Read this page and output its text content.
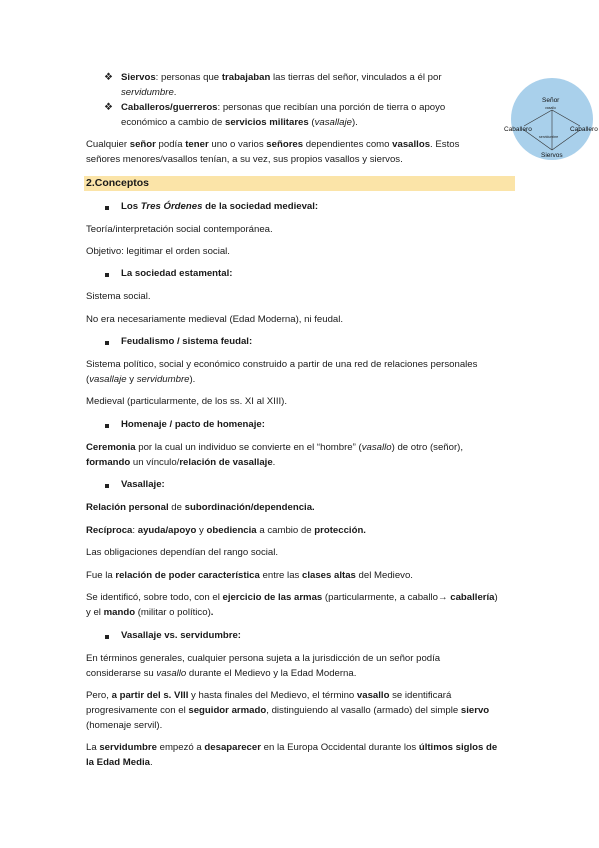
❖ Siervos: personas que trabajaban las tierras del señor, vinculados a él por
servidumbre.
❖ Caballeros/guerreros: personas que recibían una porción de tierra o apoyo
económico a cambio de servicios militares (vasallaje).
Cualquier señor podía tener uno o varios señores dependientes como vasallos. Estos
señores menores/vasallos tenían, a su vez, sus propios vasallos y siervos.
Señor
vasallo
Caballero	Caballero
servidumbre
Siervos
2.Conceptos
Los Tres Órdenes de la sociedad medieval:
Teoría/interpretación social contemporánea.
Objetivo: legitimar el orden social.
La sociedad estamental:
Sistema social.
No era necesariamente medieval (Edad Moderna), ni feudal.
Feudalismo / sistema feudal:
Sistema político, social y económico construido a partir de una red de relaciones personales
(vasallaje y servidumbre).
Medieval (particularmente, de los ss. XI al XIII).
Homenaje / pacto de homenaje:
Ceremonia por la cual un individuo se convierte en el “hombre” (vasallo) de otro (señor),
formando un vínculo/relación de vasallaje.
Vasallaje:
Relación personal de subordinación/dependencia.
Recíproca: ayuda/apoyo y obediencia a cambio de protección.
Las obligaciones dependían del rango social.
Fue la relación de poder característica entre las clases altas del Medievo.
Se identificó, sobre todo, con el ejercicio de las armas (particularmente, a caballo→ caballería)
y el mando (militar o político).
Vasallaje vs. servidumbre:
En términos generales, cualquier persona sujeta a la jurisdicción de un señor podía
considerarse su vasallo durante el Medievo y la Edad Moderna.
Pero, a partir del s. VIII y hasta finales del Medievo, el término vasallo se identificará
progresivamente con el seguidor armado, distinguiendo al vasallo (armado) del simple siervo
(homenaje servil).
La servidumbre empezó a desaparecer en la Europa Occidental durante los últimos siglos de
la Edad Media.
